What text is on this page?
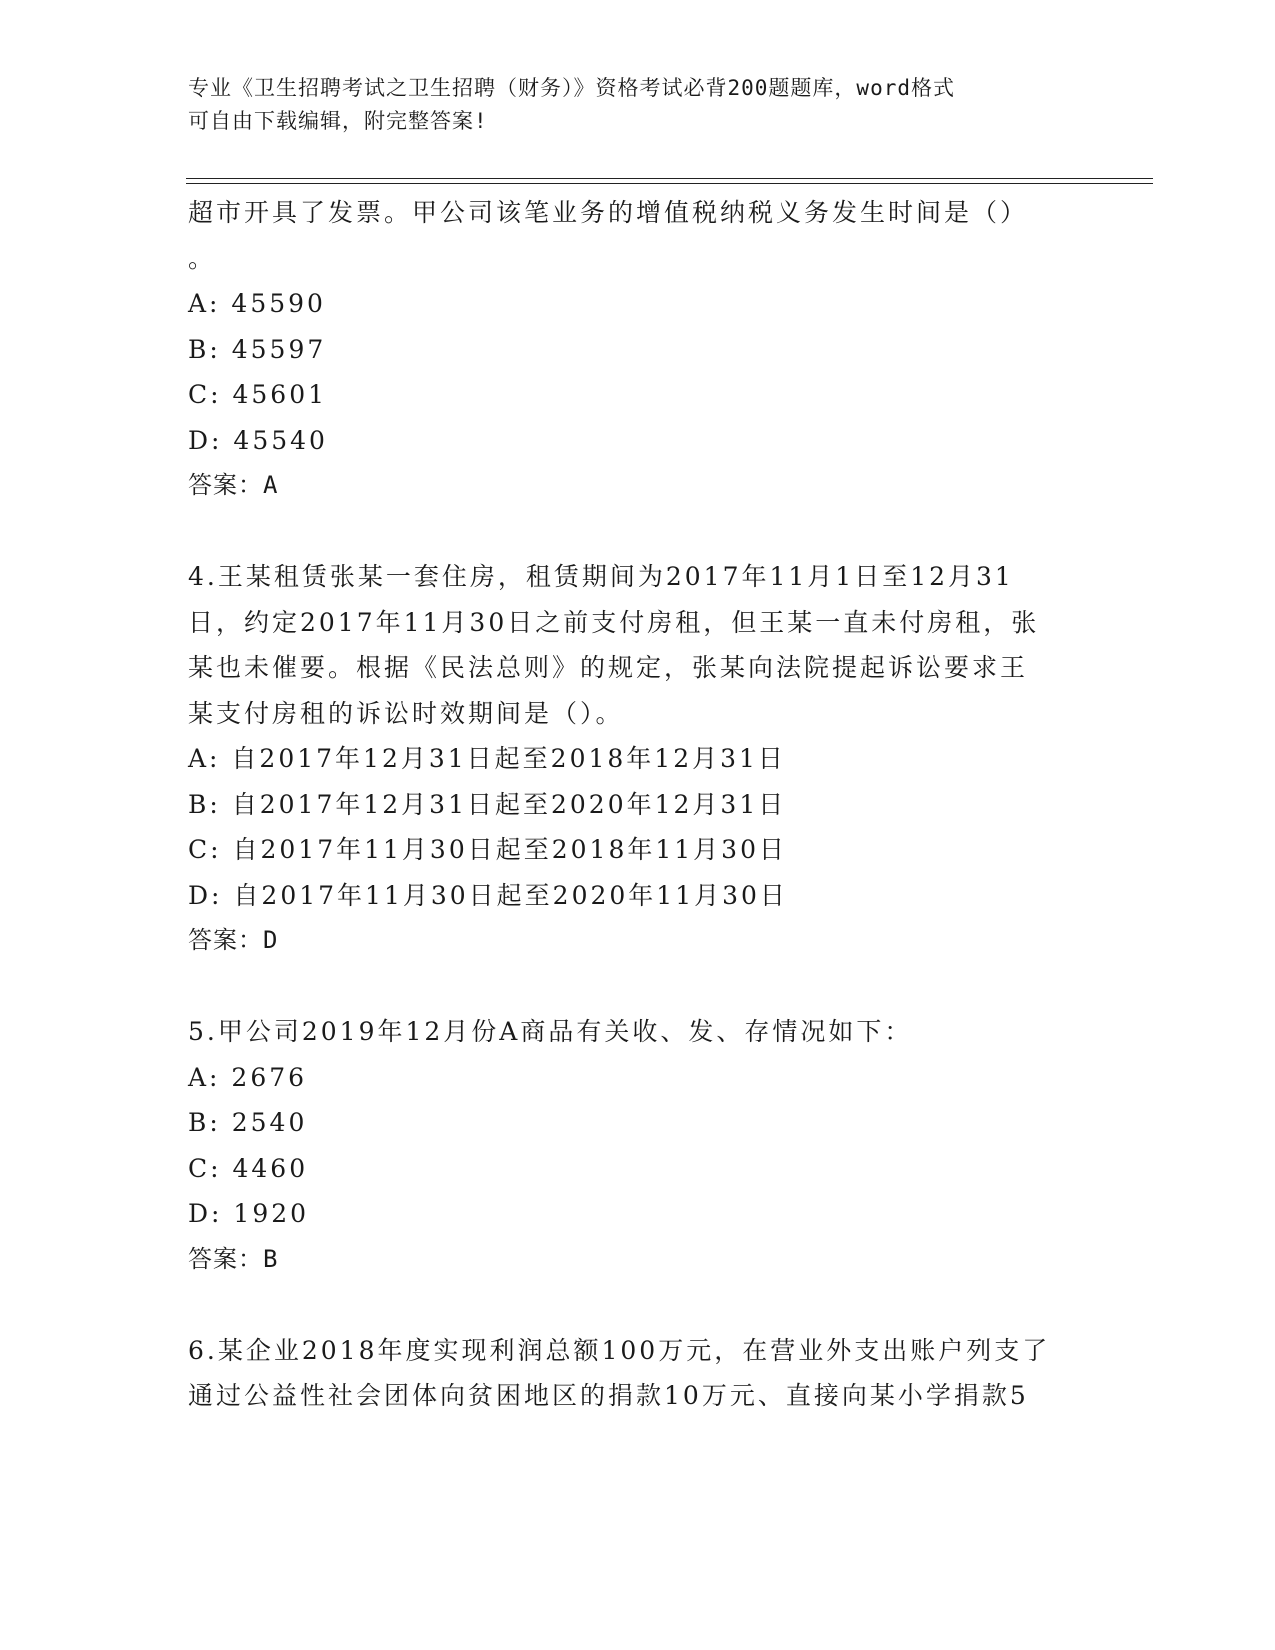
专业《卫生招聘考试之卫生招聘（财务）》资格考试必背200题题库，word格式
可自由下载编辑，附完整答案!
超市开具了发票。甲公司该笔业务的增值税纳税义务发生时间是（）
。
A: 45590
B: 45597
C: 45601
D: 45540
答案：A
4.王某租赁张某一套住房，租赁期间为2017年11月1日至12月31
日，约定2017年11月30日之前支付房租，但王某一直未付房租，张
某也未催要。根据《民法总则》的规定，张某向法院提起诉讼要求王
某支付房租的诉讼时效期间是（）。
A: 自2017年12月31日起至2018年12月31日
B: 自2017年12月31日起至2020年12月31日
C: 自2017年11月30日起至2018年11月30日
D: 自2017年11月30日起至2020年11月30日
答案：D
5.甲公司2019年12月份A商品有关收、发、存情况如下：
A: 2676
B: 2540
C: 4460
D: 1920
答案：B
6.某企业2018年度实现利润总额100万元，在营业外支出账户列支了
通过公益性社会团体向贫困地区的捐款10万元、直接向某小学捐款5
